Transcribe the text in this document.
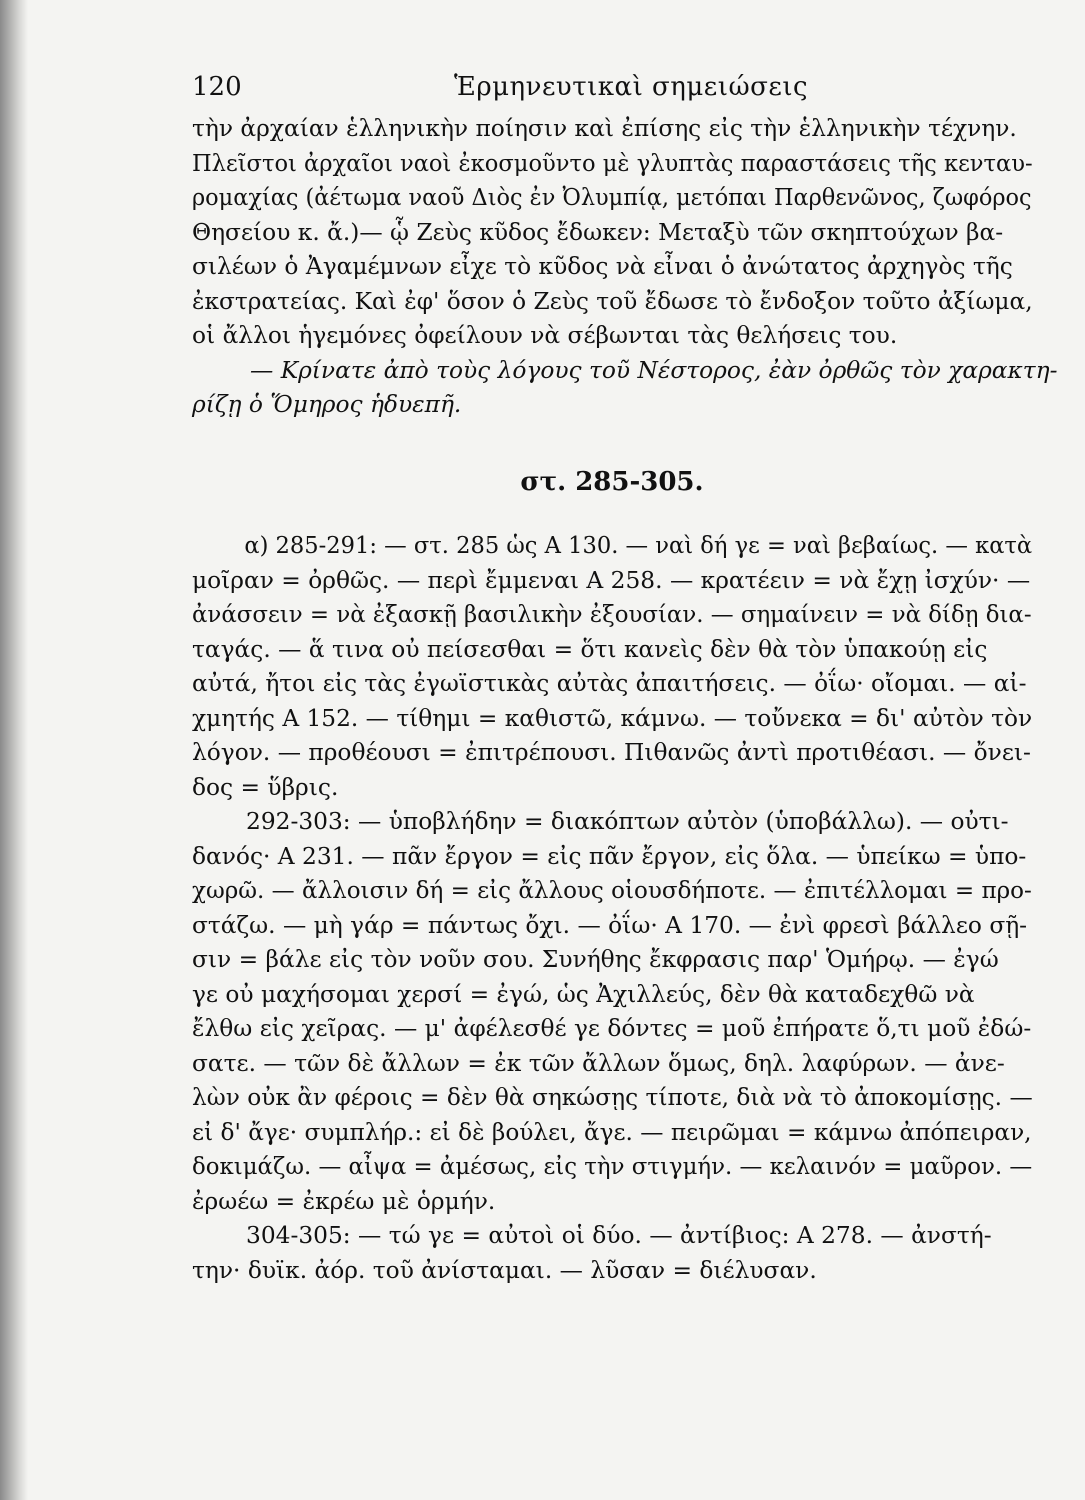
120	Ἑρμηνευτικαὶ σημειώσεις

τὴν ἀρχαίαν ἑλληνικὴν ποίησιν καὶ ἐπίσης εἰς τὴν ἑλληνικὴν τέχνην.
Πλεῖστοι ἀρχαῖοι ναοὶ ἐκοσμοῦντο μὲ γλυπτὰς παραστάσεις τῆς κενταυ-
ρομαχίας (ἀέτωμα ναοῦ Διὸς ἐν Ὀλυμπίᾳ, μετόπαι Παρθενῶνος, ζωφόρος
Θησείου κ. ἄ.)— ᾧ Ζεὺς κῦδος ἔδωκεν: Μεταξὺ τῶν σκηπτούχων βα-
σιλέων ὁ Ἀγαμέμνων εἶχε τὸ κῦδος νὰ εἶναι ὁ ἀνώτατος ἀρχηγὸς τῆς
ἐκστρατείας. Καὶ ἐφ' ὅσον ὁ Ζεὺς τοῦ ἔδωσε τὸ ἔνδοξον τοῦτο ἀξίωμα,
οἱ ἄλλοι ἡγεμόνες ὀφείλουν νὰ σέβωνται τὰς θελήσεις του.

— Κρίνατε ἀπὸ τοὺς λόγους τοῦ Νέστορος, ἐὰν ὀρθῶς τὸν χαρακτη-
ρίζῃ ὁ Ὅμηρος ἡδυεπῆ.

στ. 285-305.

α) 285-291: — στ. 285 ὡς Α 130. — ναὶ δή γε = ναὶ βεβαίως. — κατὰ
μοῖραν = ὀρθῶς. — περὶ ἔμμεναι Α 258. — κρατέειν = νὰ ἔχῃ ἰσχύν· —
ἀνάσσειν = νὰ ἐξασκῇ βασιλικὴν ἐξουσίαν. — σημαίνειν = νὰ δίδῃ δια-
ταγάς. — ἅ τινα οὐ πείσεσθαι = ὅτι κανεὶς δὲν θὰ τὸν ὑπακούῃ εἰς
αὐτά, ἤτοι εἰς τὰς ἐγωϊστικὰς αὐτὰς ἀπαιτήσεις. — ὀΐω· οἴομαι. — αἰ-
χμητής Α 152. — τίθημι = καθιστῶ, κάμνω. — τοὔνεκα = δι' αὐτὸν τὸν
λόγον. — προθέουσι = ἐπιτρέπουσι. Πιθανῶς ἀντὶ προτιθέασι. — ὄνει-
δος = ὕβρις.

292-303: — ὑποβλήδην = διακόπτων αὐτὸν (ὑποβάλλω). — οὐτι-
δανός· Α 231. — πᾶν ἔργον = εἰς πᾶν ἔργον, εἰς ὅλα. — ὑπείκω = ὑπο-
χωρῶ. — ἄλλοισιν δή = εἰς ἄλλους οἱουσδήποτε. — ἐπιτέλλομαι = προ-
στάζω. — μὴ γάρ = πάντως ὄχι. — ὀΐω· Α 170. — ἐνὶ φρεσὶ βάλλεο σῇ-
σιν = βάλε εἰς τὸν νοῦν σου. Συνήθης ἔκφρασις παρ' Ὁμήρῳ. — ἐγώ
γε οὐ μαχήσομαι χερσί = ἐγώ, ὡς Ἀχιλλεύς, δὲν θὰ καταδεχθῶ νὰ
ἔλθω εἰς χεῖρας. — μ' ἀφέλεσθέ γε δόντες = μοῦ ἐπήρατε ὅ,τι μοῦ ἐδώ-
σατε. — τῶν δὲ ἄλλων = ἐκ τῶν ἄλλων ὅμως, δηλ. λαφύρων. — ἀνε-
λὼν οὐκ ἂν φέροις = δὲν θὰ σηκώσῃς τίποτε, διὰ νὰ τὸ ἀποκομίσῃς. —
εἰ δ' ἄγε· συμπλήρ.: εἰ δὲ βούλει, ἄγε. — πειρῶμαι = κάμνω ἀπόπειραν,
δοκιμάζω. — αἶψα = ἀμέσως, εἰς τὴν στιγμήν. — κελαινόν = μαῦρον. —
ἐρωέω = ἐκρέω μὲ ὁρμήν.

304-305: — τώ γε = αὐτοὶ οἱ δύο. — ἀντίβιος: Α 278. — ἀνστή-
την· δυϊκ. ἀόρ. τοῦ ἀνίσταμαι. — λῦσαν = διέλυσαν.
